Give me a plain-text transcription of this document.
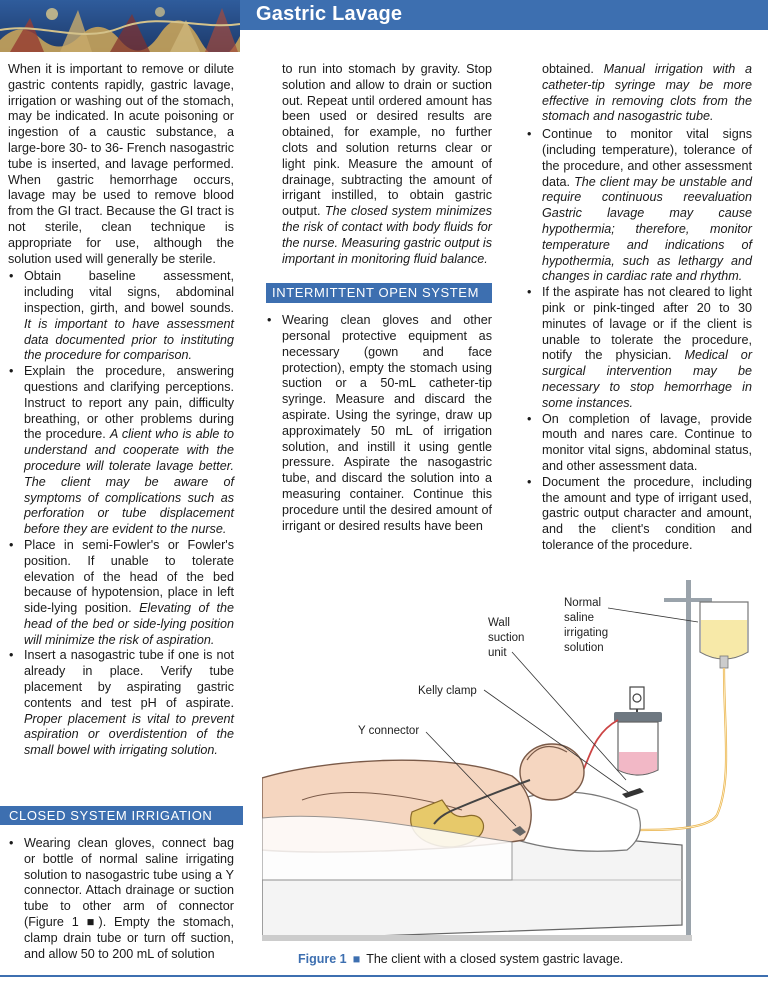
Gastric Lavage

When it is important to remove or dilute gastric contents rapidly, gastric lavage, irrigation or washing out of the stomach, may be indicated. In acute poisoning or ingestion of a caustic substance, a large-bore 30- to 36- French nasogastric tube is inserted, and lavage performed. When gastric hemorrhage occurs, lavage may be used to remove blood from the GI tract. Because the GI tract is not sterile, clean technique is appropriate for use, although the solution used will generally be sterile.

• Obtain baseline assessment, including vital signs, abdominal inspection, girth, and bowel sounds. It is important to have assessment data documented prior to instituting the procedure for comparison.
• Explain the procedure, answering questions and clarifying perceptions. Instruct to report any pain, difficulty breathing, or other problems during the procedure. A client who is able to understand and cooperate with the procedure will tolerate lavage better. The client may be aware of symptoms of complications such as perforation or tube displacement before they are evident to the nurse.
• Place in semi-Fowler's or Fowler's position. If unable to tolerate elevation of the head of the bed because of hypotension, place in left side-lying position. Elevating of the head of the bed or side-lying position will minimize the risk of aspiration.
• Insert a nasogastric tube if one is not already in place. Verify tube placement by aspirating gastric contents and test pH of aspirate. Proper placement is vital to prevent aspiration or overdistention of the small bowel with irrigating solution.
CLOSED SYSTEM IRRIGATION
• Wearing clean gloves, connect bag or bottle of normal saline irrigating solution to nasogastric tube using a Y connector. Attach drainage or suction tube to other arm of connector (Figure 1 ■). Empty the stomach, clamp drain tube or turn off suction, and allow 50 to 200 mL of solution

to run into stomach by gravity. Stop solution and allow to drain or suction out. Repeat until ordered amount has been used or desired results are obtained, for example, no further clots and solution returns clear or light pink. Measure the amount of drainage, subtracting the amount of irrigant instilled, to obtain gastric output. The closed system minimizes the risk of contact with body fluids for the nurse. Measuring gastric output is important in monitoring fluid balance.

INTERMITTENT OPEN SYSTEM
• Wearing clean gloves and other personal protective equipment as necessary (gown and face protection), empty the stomach using suction or a 50-mL catheter-tip syringe. Measure and discard the aspirate. Using the syringe, draw up approximately 50 mL of irrigation solution, and instill it using gentle pressure. Aspirate the nasogastric tube, and discard the solution into a measuring container. Continue this procedure until the desired amount of irrigant or desired results have been

obtained. Manual irrigation with a catheter-tip syringe may be more effective in removing clots from the stomach and nasogastric tube.

• Continue to monitor vital signs (including temperature), tolerance of the procedure, and other assessment data. The client may be unstable and require continuous reevaluation Gastric lavage may cause hypothermia; therefore, monitor temperature and indications of hypothermia, such as lethargy and changes in cardiac rate and rhythm.
• If the aspirate has not cleared to light pink or pink-tinged after 20 to 30 minutes of lavage or if the client is unable to tolerate the procedure, notify the physician. Medical or surgical intervention may be necessary to stop hemorrhage in some instances.
• On completion of lavage, provide mouth and nares care. Continue to monitor vital signs, abdominal status, and other assessment data.
• Document the procedure, including the amount and type of irrigant used, gastric output character and amount, and the client's condition and tolerance of the procedure.
Normal
saline
irrigating
solution
Wall
suction
unit
Kelly clamp
Y connector
Figure 1 ■ The client with a closed system gastric lavage.
